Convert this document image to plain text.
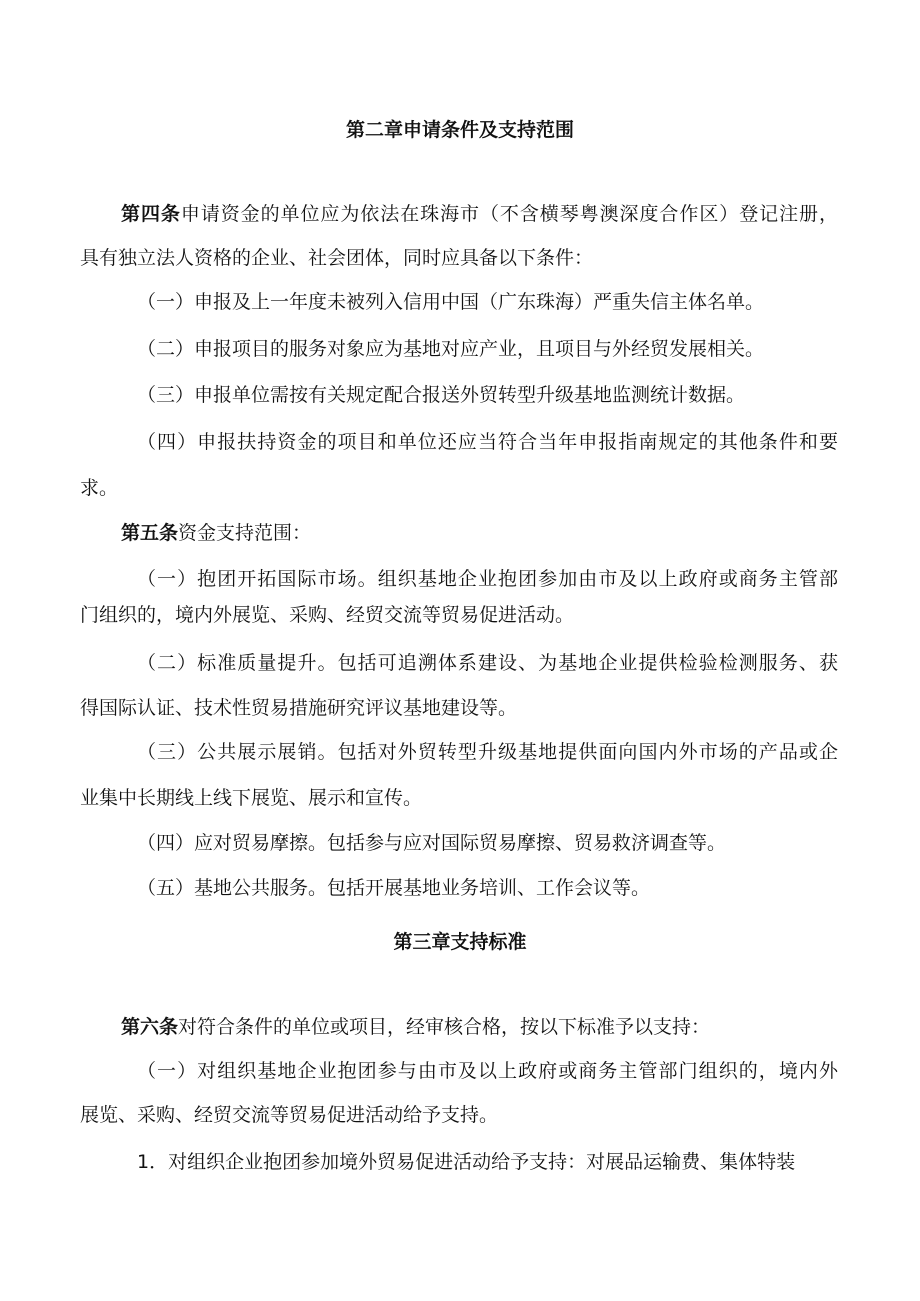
第二章申请条件及支持范围

第四条申请资金的单位应为依法在珠海市（不含横琴粤澳深度合作区）登记注册，

具有独立法人资格的企业、社会团体，同时应具备以下条件：

（一）申报及上一年度未被列入信用中国（广东珠海）严重失信主体名单。

（二）申报项目的服务对象应为基地对应产业，且项目与外经贸发展相关。

（三）申报单位需按有关规定配合报送外贸转型升级基地监测统计数据。

（四）申报扶持资金的项目和单位还应当符合当年申报指南规定的其他条件和要

求。

第五条资金支持范围：

（一）抱团开拓国际市场。组织基地企业抱团参加由市及以上政府或商务主管部

门组织的，境内外展览、采购、经贸交流等贸易促进活动。

（二）标准质量提升。包括可追溯体系建设、为基地企业提供检验检测服务、获

得国际认证、技术性贸易措施研究评议基地建设等。

（三）公共展示展销。包括对外贸转型升级基地提供面向国内外市场的产品或企

业集中长期线上线下展览、展示和宣传。

（四）应对贸易摩擦。包括参与应对国际贸易摩擦、贸易救济调查等。

（五）基地公共服务。包括开展基地业务培训、工作会议等。

第三章支持标准

第六条对符合条件的单位或项目，经审核合格，按以下标准予以支持：

（一）对组织基地企业抱团参与由市及以上政府或商务主管部门组织的，境内外

展览、采购、经贸交流等贸易促进活动给予支持。

1．对组织企业抱团参加境外贸易促进活动给予支持：对展品运输费、集体特装
